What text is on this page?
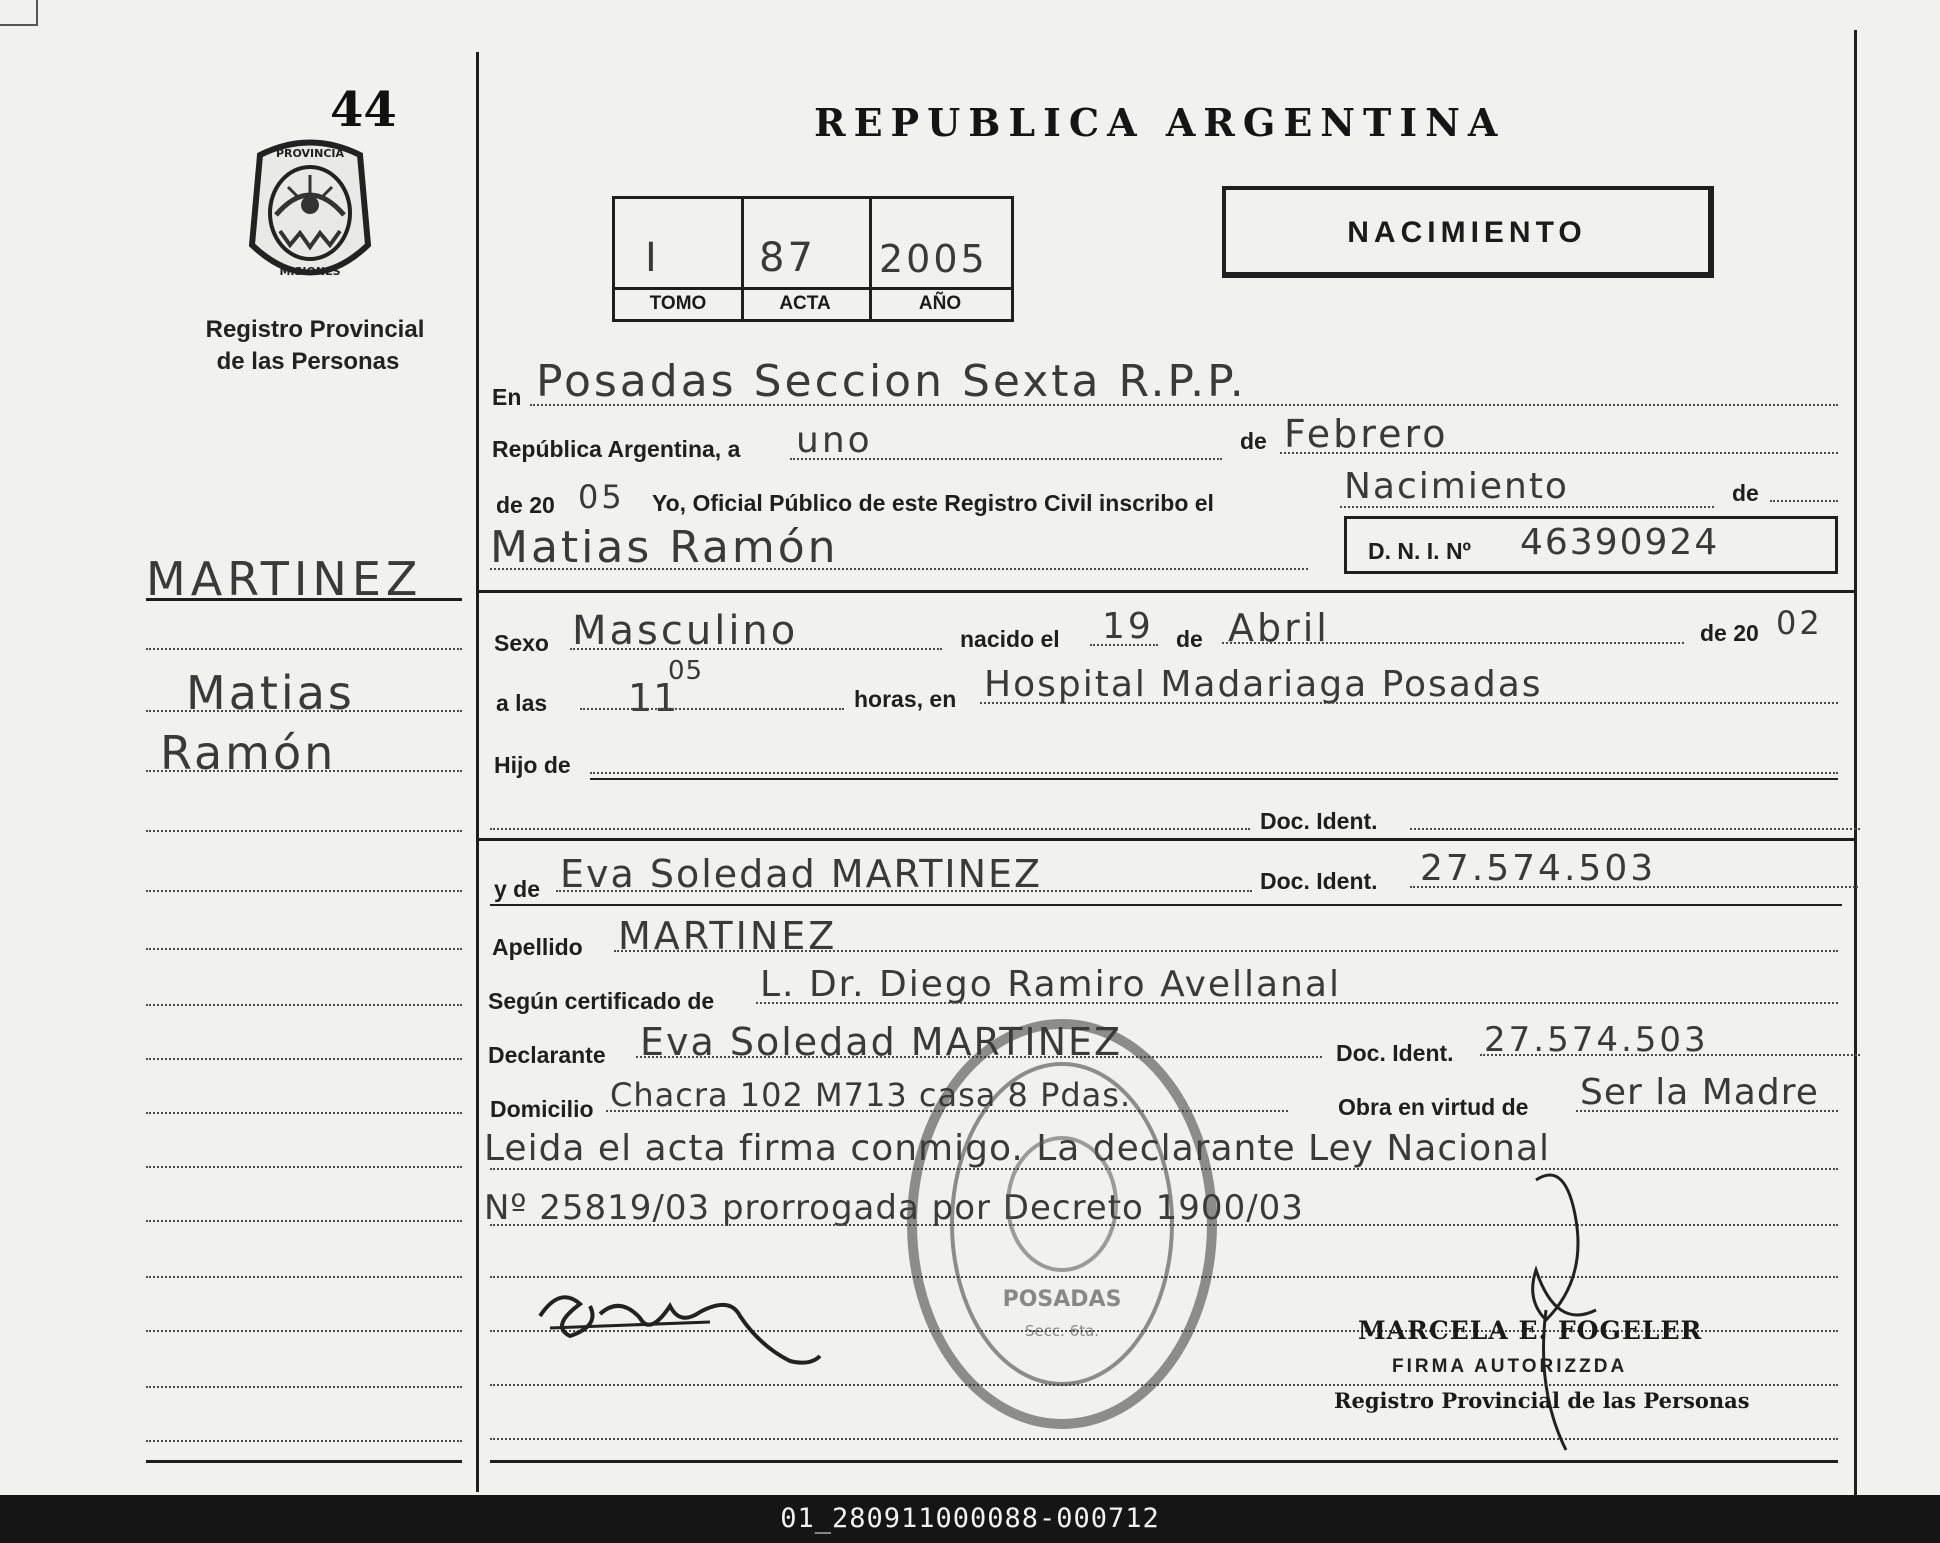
44
PROVINCIA
MISIONES
Registro Provincial
de las Personas
MARTINEZ
Matias
Ramón
REPUBLICA ARGENTINA
I 87 2005
TOMO	ACTA	AÑO
NACIMIENTO
En Posadas Seccion Sexta R.P.P.
República Argentina, a uno	de Febrero
de 20 05 Yo, Oficial Público de este Registro Civil inscribo el	Nacimiento	de
Matias Ramón	D. N. I. Nº 46390924
Sexo Masculino	nacido el 19 de Abril	de 20 02
a las 11
05
horas, en Hospital Madariaga Posadas
Hijo de
Doc. Ident.
y de Eva Soledad MARTINEZ	Doc. Ident. 27.574.503
Apellido MARTINEZ
Según certificado de L. Dr. Diego Ramiro Avellanal
Declarante Eva Soledad MARTINEZ	Doc. Ident. 27.574.503
Domicilio Chacra 102 M713 casa 8 Pdas.	Obra en virtud de Ser la Madre
Leida el acta firma conmigo. La declarante Ley Nacional
Nº 25819/03 prorrogada por Decreto 1900/03
POSADAS
Secc. 6ta.	MARCELA E. FOGELER
FIRMA AUTORIZZDA
Registro Provincial de las Personas
01_280911000088-000712
